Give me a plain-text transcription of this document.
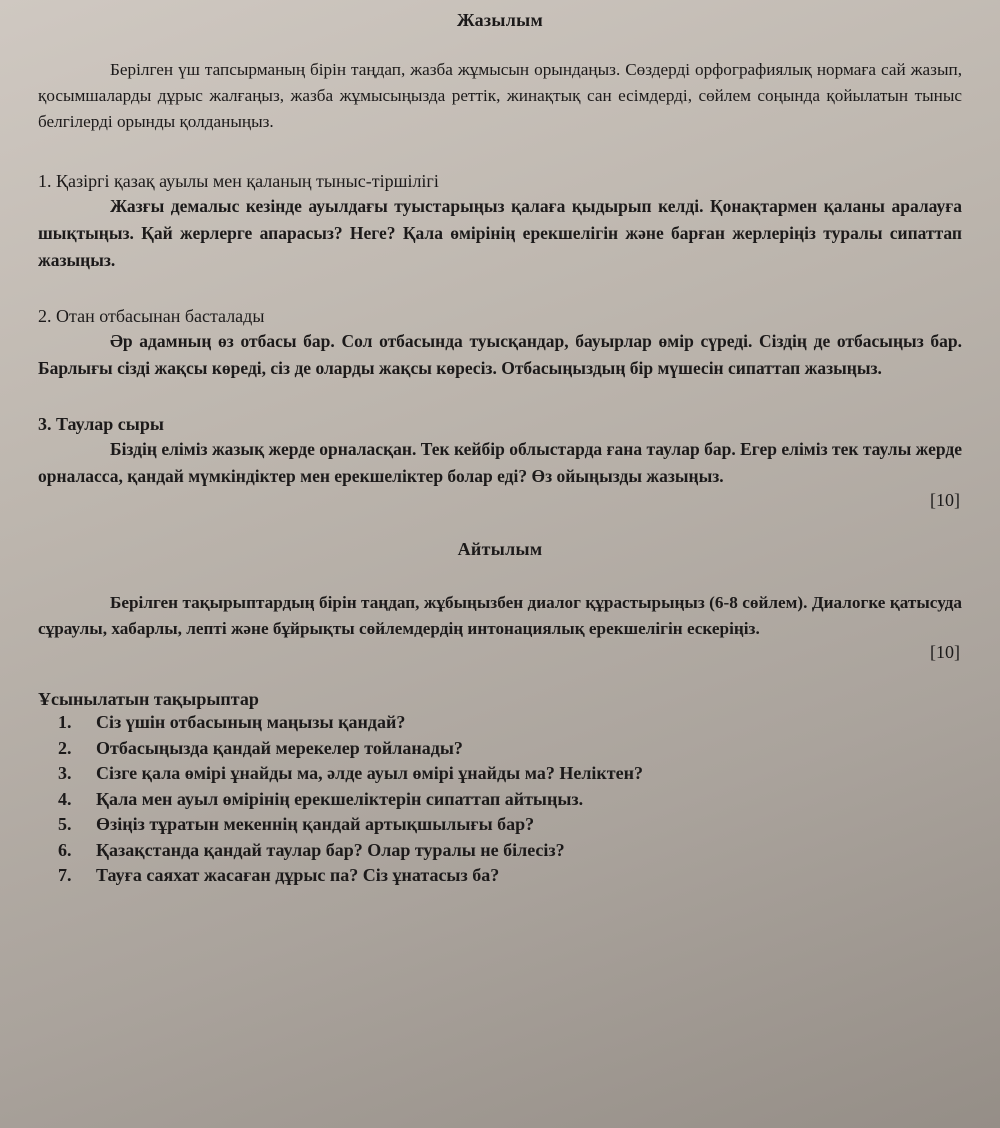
Жазылым

Берілген үш тапсырманың бірін таңдап, жазба жұмысын орындаңыз. Сөздерді орфографиялық нормаға сай жазып, қосымшаларды дұрыс жалғаңыз, жазба жұмысыңызда реттік, жинақтық сан есімдерді, сөйлем соңында қойылатын тыныс белгілерді орынды қолданыңыз.

1. Қазіргі қазақ ауылы мен қаланың тыныс-тіршілігі

Жазғы демалыс кезінде ауылдағы туыстарыңыз қалаға қыдырып келді. Қонақтармен қаланы аралауға шықтыңыз. Қай жерлерге апарасыз? Неге? Қала өмірінің ерекшелігін және барған жерлеріңіз туралы сипаттап жазыңыз.

2. Отан отбасынан басталады

Әр адамның өз отбасы бар. Сол отбасында туысқандар, бауырлар өмір сүреді. Сіздің де отбасыңыз бар. Барлығы сізді жақсы көреді, сіз де оларды жақсы көресіз. Отбасыңыздың бір мүшесін сипаттап жазыңыз.

3. Таулар сыры

Біздің еліміз жазық жерде орналасқан. Тек кейбір облыстарда ғана таулар бар. Егер еліміз тек таулы жерде орналасса, қандай мүмкіндіктер мен ерекшеліктер болар еді? Өз ойыңызды жазыңыз.

[10]

Айтылым

Берілген тақырыптардың бірін таңдап, жұбыңызбен диалог құрастырыңыз (6-8 сөйлем). Диалогке қатысуда сұраулы, хабарлы, лепті және бұйрықты сөйлемдердің интонациялық ерекшелігін ескеріңіз.

[10]

Ұсынылатын тақырыптар

1.	Сіз үшін отбасының маңызы қандай?
2.	Отбасыңызда қандай мерекелер тойланады?
3.	Сізге қала өмірі ұнайды ма, әлде ауыл өмірі ұнайды ма? Неліктен?
4.	Қала мен ауыл өмірінің ерекшеліктерін сипаттап айтыңыз.
5.	Өзіңіз тұратын мекеннің қандай артықшылығы бар?
6.	Қазақстанда қандай таулар бар? Олар туралы не білесіз?
7.	Тауға саяхат жасаған дұрыс па? Сіз ұнатасыз ба?
